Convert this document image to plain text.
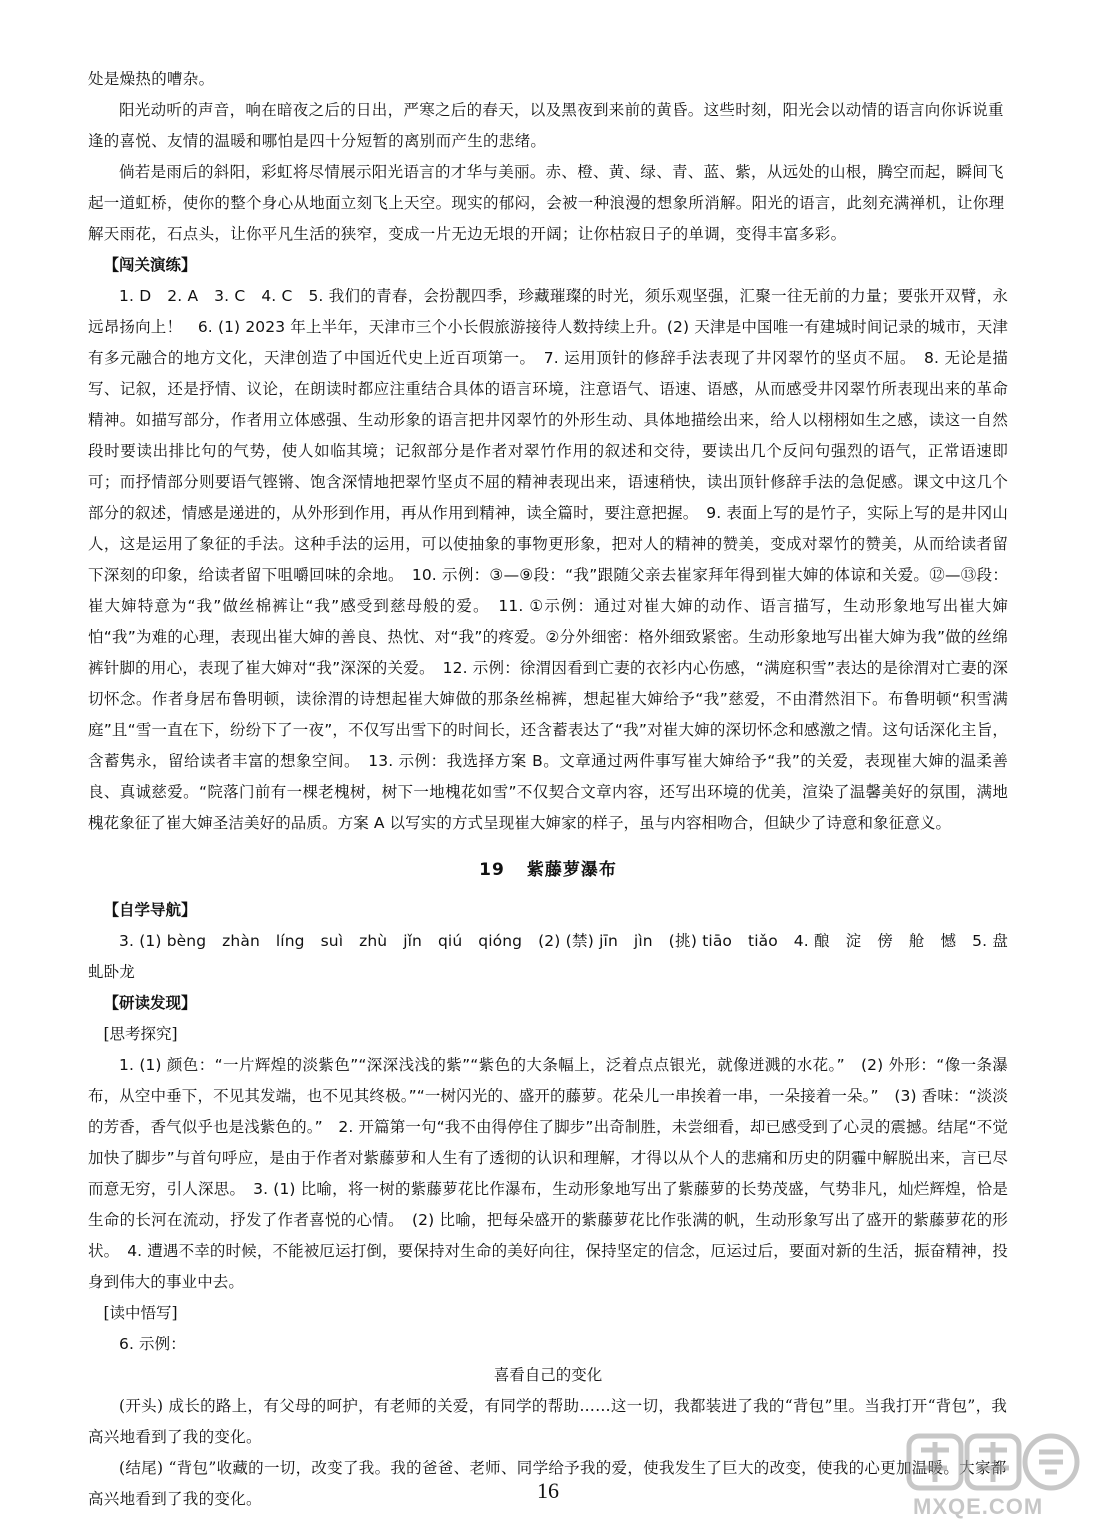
处是燥热的嘈杂。

阳光动听的声音，响在暗夜之后的日出，严寒之后的春天，以及黑夜到来前的黄昏。这些时刻，阳光会以动情的语言向你诉说重逢的喜悦、友情的温暖和哪怕是四十分短暂的离别而产生的悲绪。

倘若是雨后的斜阳，彩虹将尽情展示阳光语言的才华与美丽。赤、橙、黄、绿、青、蓝、紫，从远处的山根，腾空而起，瞬间飞起一道虹桥，使你的整个身心从地面立刻飞上天空。现实的郁闷，会被一种浪漫的想象所消解。阳光的语言，此刻充满禅机，让你理解天雨花，石点头，让你平凡生活的狭窄，变成一片无边无垠的开阔；让你枯寂日子的单调，变得丰富多彩。

【闯关演练】

1. D　2. A　3. C　4. C　5. 我们的青春，会扮靓四季，珍藏璀璨的时光，须乐观坚强，汇聚一往无前的力量；要张开双臂，永远昂扬向上！　6. (1) 2023 年上半年，天津市三个小长假旅游接待人数持续上升。(2) 天津是中国唯一有建城时间记录的城市，天津有多元融合的地方文化，天津创造了中国近代史上近百项第一。　7. 运用顶针的修辞手法表现了井冈翠竹的坚贞不屈。　8. 无论是描写、记叙，还是抒情、议论，在朗读时都应注重结合具体的语言环境，注意语气、语速、语感，从而感受井冈翠竹所表现出来的革命精神。如描写部分，作者用立体感强、生动形象的语言把井冈翠竹的外形生动、具体地描绘出来，给人以栩栩如生之感，读这一自然段时要读出排比句的气势，使人如临其境；记叙部分是作者对翠竹作用的叙述和交待，要读出几个反问句强烈的语气，正常语速即可；而抒情部分则要语气铿锵、饱含深情地把翠竹坚贞不屈的精神表现出来，语速稍快，读出顶针修辞手法的急促感。课文中这几个部分的叙述，情感是递进的，从外形到作用，再从作用到精神，读全篇时，要注意把握。　9. 表面上写的是竹子，实际上写的是井冈山人，这是运用了象征的手法。这种手法的运用，可以使抽象的事物更形象，把对人的精神的赞美，变成对翠竹的赞美，从而给读者留下深刻的印象，给读者留下咀嚼回味的余地。　10. 示例：③—⑨段：“我”跟随父亲去崔家拜年得到崔大婶的体谅和关爱。⑫—⑬段：崔大婶特意为“我”做丝棉裤让“我”感受到慈母般的爱。　11. ①示例：通过对崔大婶的动作、语言描写，生动形象地写出崔大婶怕“我”为难的心理，表现出崔大婶的善良、热忱、对“我”的疼爱。②分外细密：格外细致紧密。生动形象地写出崔大婶为我”做的丝绵裤针脚的用心，表现了崔大婶对“我”深深的关爱。　12. 示例：徐渭因看到亡妻的衣衫内心伤感，“满庭积雪”表达的是徐渭对亡妻的深切怀念。作者身居布鲁明顿，读徐渭的诗想起崔大婶做的那条丝棉裤，想起崔大婶给予“我”慈爱，不由潸然泪下。布鲁明顿“积雪满庭”且“雪一直在下，纷纷下了一夜”，不仅写出雪下的时间长，还含蓄表达了“我”对崔大婶的深切怀念和感激之情。这句话深化主旨，含蓄隽永，留给读者丰富的想象空间。　13. 示例：我选择方案 B。文章通过两件事写崔大婶给予“我”的关爱，表现崔大婶的温柔善良、真诚慈爱。“院落门前有一棵老槐树，树下一地槐花如雪”不仅契合文章内容，还写出环境的优美，渲染了温馨美好的氛围，满地槐花象征了崔大婶圣洁美好的品质。方案 A 以写实的方式呈现崔大婶家的样子，虽与内容相吻合，但缺少了诗意和象征意义。

19 紫藤萝瀑布

【自学导航】

3. (1) bèng　zhàn　líng　suì　zhù　jǐn　qiú　qióng　(2) (禁) jīn　jìn　(挑) tiāo　tiǎo　4. 酿　淀　傍　舱　憾　5. 盘虬卧龙

【研读发现】

[思考探究]

1. (1) 颜色：“一片辉煌的淡紫色”“深深浅浅的紫”“紫色的大条幅上，泛着点点银光，就像迸溅的水花。”　(2) 外形：“像一条瀑布，从空中垂下，不见其发端，也不见其终极。”“一树闪光的、盛开的藤萝。花朵儿一串挨着一串，一朵接着一朵。”　(3) 香味：“淡淡的芳香，香气似乎也是浅紫色的。”　2. 开篇第一句“我不由得停住了脚步”出奇制胜，未尝细看，却已感受到了心灵的震撼。结尾“不觉加快了脚步”与首句呼应，是由于作者对紫藤萝和人生有了透彻的认识和理解，才得以从个人的悲痛和历史的阴霾中解脱出来，言已尽而意无穷，引人深思。　3. (1) 比喻，将一树的紫藤萝花比作瀑布，生动形象地写出了紫藤萝的长势茂盛，气势非凡，灿烂辉煌，恰是生命的长河在流动，抒发了作者喜悦的心情。　(2) 比喻，把每朵盛开的紫藤萝花比作张满的帆，生动形象写出了盛开的紫藤萝花的形状。　4. 遭遇不幸的时候，不能被厄运打倒，要保持对生命的美好向往，保持坚定的信念，厄运过后，要面对新的生活，振奋精神，投身到伟大的事业中去。

[读中悟写]

6. 示例：

喜看自己的变化

(开头) 成长的路上，有父母的呵护，有老师的关爱，有同学的帮助……这一切，我都装进了我的“背包”里。当我打开“背包”，我高兴地看到了我的变化。

(结尾) “背包”收藏的一切，改变了我。我的爸爸、老师、同学给予我的爱，使我发生了巨大的改变，使我的心更加温暖。大家都高兴地看到了我的变化。	16
MXQE.COM
